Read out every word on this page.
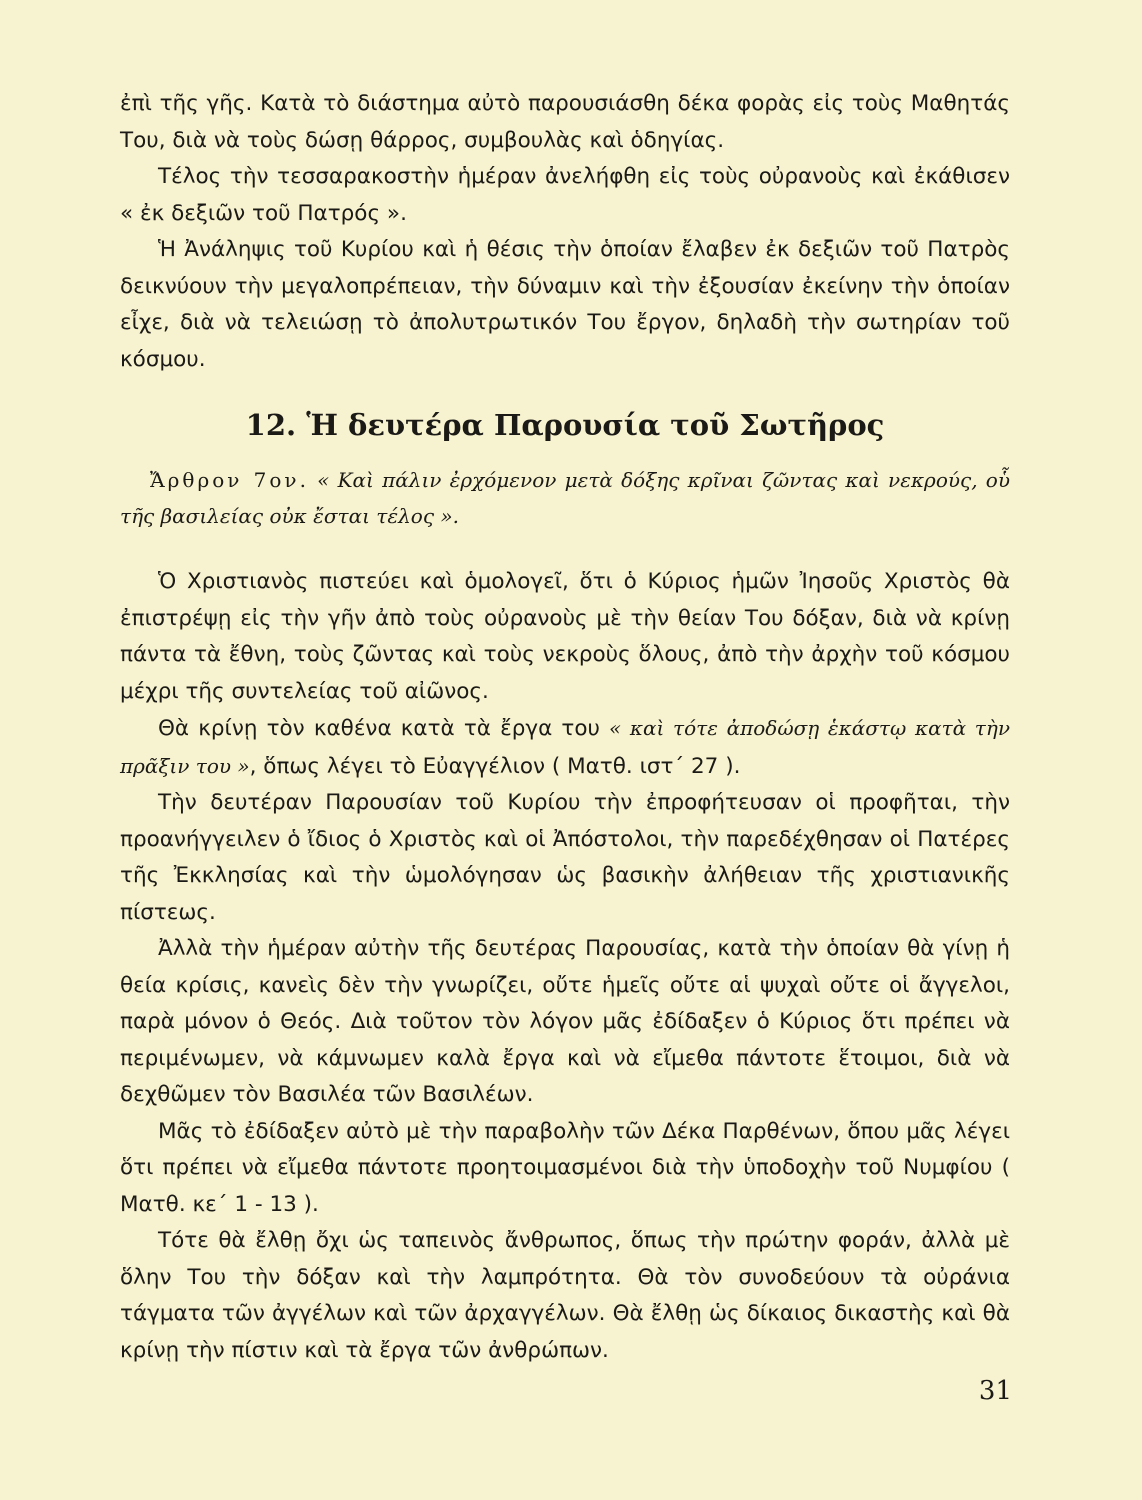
ἐπὶ τῆς γῆς. Κατὰ τὸ διάστημα αὐτὸ παρουσιάσθη δέκα φορὰς εἰς τοὺς Μαθητάς Του, διὰ νὰ τοὺς δώσῃ θάρρος, συμβουλὰς καὶ ὁδηγίας.

Τέλος τὴν τεσσαρακοστὴν ἡμέραν ἀνελήφθη εἰς τοὺς οὐρανοὺς καὶ ἐκάθισεν « ἐκ δεξιῶν τοῦ Πατρός ».

Ἡ Ἀνάληψις τοῦ Κυρίου καὶ ἡ θέσις τὴν ὁποίαν ἔλαβεν ἐκ δεξιῶν τοῦ Πατρὸς δεικνύουν τὴν μεγαλοπρέπειαν, τὴν δύναμιν καὶ τὴν ἐξουσίαν ἐκείνην τὴν ὁποίαν εἶχε, διὰ νὰ τελειώσῃ τὸ ἀπολυτρωτικόν Του ἔργον, δηλαδὴ τὴν σωτηρίαν τοῦ κόσμου.

12. Ἡ δευτέρα Παρουσία τοῦ Σωτῆρος

Ἄρθρον 7ον. « Καὶ πάλιν ἐρχόμενον μετὰ δόξης κρῖναι ζῶντας καὶ νεκρούς, οὗ τῆς βασιλείας οὐκ ἔσται τέλος ».

Ὁ Χριστιανὸς πιστεύει καὶ ὁμολογεῖ, ὅτι ὁ Κύριος ἡμῶν Ἰησοῦς Χριστὸς θὰ ἐπιστρέψῃ εἰς τὴν γῆν ἀπὸ τοὺς οὐρανοὺς μὲ τὴν θείαν Του δόξαν, διὰ νὰ κρίνῃ πάντα τὰ ἔθνη, τοὺς ζῶντας καὶ τοὺς νεκροὺς ὅλους, ἀπὸ τὴν ἀρχὴν τοῦ κόσμου μέχρι τῆς συντελείας τοῦ αἰῶνος.

Θὰ κρίνῃ τὸν καθένα κατὰ τὰ ἔργα του « καὶ τότε ἀποδώσῃ ἑκάστῳ κατὰ τὴν πρᾶξιν του », ὅπως λέγει τὸ Εὐαγγέλιον ( Ματθ. ιστ´ 27 ).

Τὴν δευτέραν Παρουσίαν τοῦ Κυρίου τὴν ἐπροφήτευσαν οἱ προφῆται, τὴν προανήγγειλεν ὁ ἴδιος ὁ Χριστὸς καὶ οἱ Ἀπόστολοι, τὴν παρεδέχθησαν οἱ Πατέρες τῆς Ἐκκλησίας καὶ τὴν ὡμολόγησαν ὡς βασικὴν ἀλήθειαν τῆς χριστιανικῆς πίστεως.

Ἀλλὰ τὴν ἡμέραν αὐτὴν τῆς δευτέρας Παρουσίας, κατὰ τὴν ὁποίαν θὰ γίνῃ ἡ θεία κρίσις, κανεὶς δὲν τὴν γνωρίζει, οὔτε ἡμεῖς οὔτε αἱ ψυχαὶ οὔτε οἱ ἄγγελοι, παρὰ μόνον ὁ Θεός. Διὰ τοῦτον τὸν λόγον μᾶς ἐδίδαξεν ὁ Κύριος ὅτι πρέπει νὰ περιμένωμεν, νὰ κάμνωμεν καλὰ ἔργα καὶ νὰ εἴμεθα πάντοτε ἕτοιμοι, διὰ νὰ δεχθῶμεν τὸν Βασιλέα τῶν Βασιλέων.

Μᾶς τὸ ἐδίδαξεν αὐτὸ μὲ τὴν παραβολὴν τῶν Δέκα Παρθένων, ὅπου μᾶς λέγει ὅτι πρέπει νὰ εἴμεθα πάντοτε προητοιμασμένοι διὰ τὴν ὑποδοχὴν τοῦ Νυμφίου ( Ματθ. κε´ 1 - 13 ).

Τότε θὰ ἔλθῃ ὄχι ὡς ταπεινὸς ἄνθρωπος, ὅπως τὴν πρώτην φοράν, ἀλλὰ μὲ ὅλην Του τὴν δόξαν καὶ τὴν λαμπρότητα. Θὰ τὸν συνοδεύουν τὰ οὐράνια τάγματα τῶν ἀγγέλων καὶ τῶν ἀρχαγγέλων. Θὰ ἔλθῃ ὡς δίκαιος δικαστὴς καὶ θὰ κρίνῃ τὴν πίστιν καὶ τὰ ἔργα τῶν ἀνθρώπων.

31
